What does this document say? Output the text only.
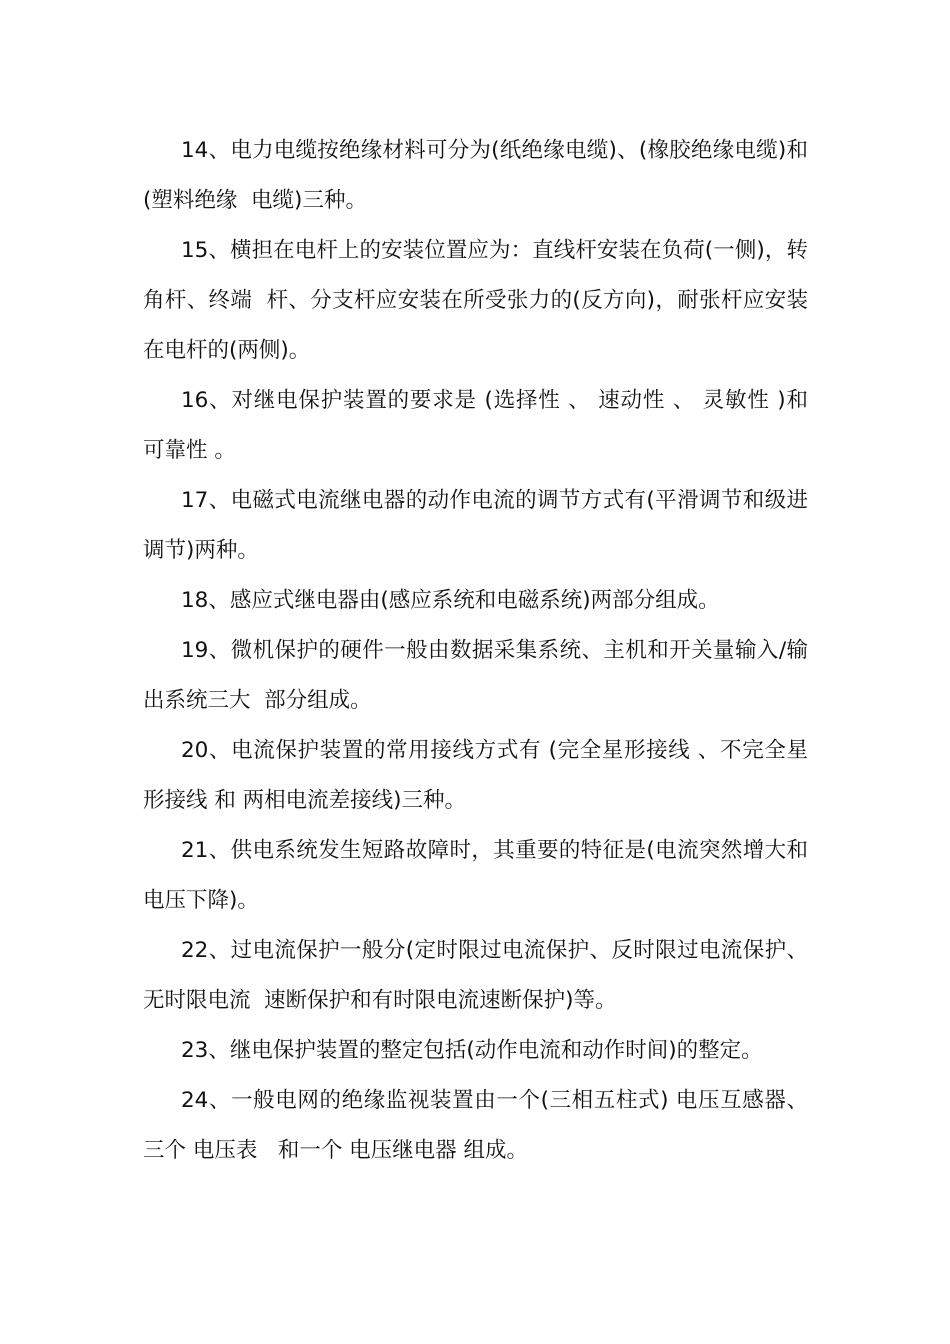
14、电力电缆按绝缘材料可分为(纸绝缘电缆)、(橡胶绝缘电缆)和(塑料绝缘  电缆)三种。

15、横担在电杆上的安装位置应为：直线杆安装在负荷(一侧)，转角杆、终端  杆、分支杆应安装在所受张力的(反方向)，耐张杆应安装在电杆的(两侧)。

16、对继电保护装置的要求是 (选择性 、 速动性 、 灵敏性 )和 可靠性 。

17、电磁式电流继电器的动作电流的调节方式有(平滑调节和级进调节)两种。

18、感应式继电器由(感应系统和电磁系统)两部分组成。

19、微机保护的硬件一般由数据采集系统、主机和开关量输入/输出系统三大  部分组成。

20、电流保护装置的常用接线方式有 (完全星形接线 、不完全星形接线 和 两相电流差接线)三种。

21、供电系统发生短路故障时，其重要的特征是(电流突然增大和电压下降)。

22、过电流保护一般分(定时限过电流保护、反时限过电流保护、无时限电流  速断保护和有时限电流速断保护)等。

23、继电保护装置的整定包括(动作电流和动作时间)的整定。

24、一般电网的绝缘监视装置由一个(三相五柱式) 电压互感器、三个 电压表   和一个 电压继电器 组成。
